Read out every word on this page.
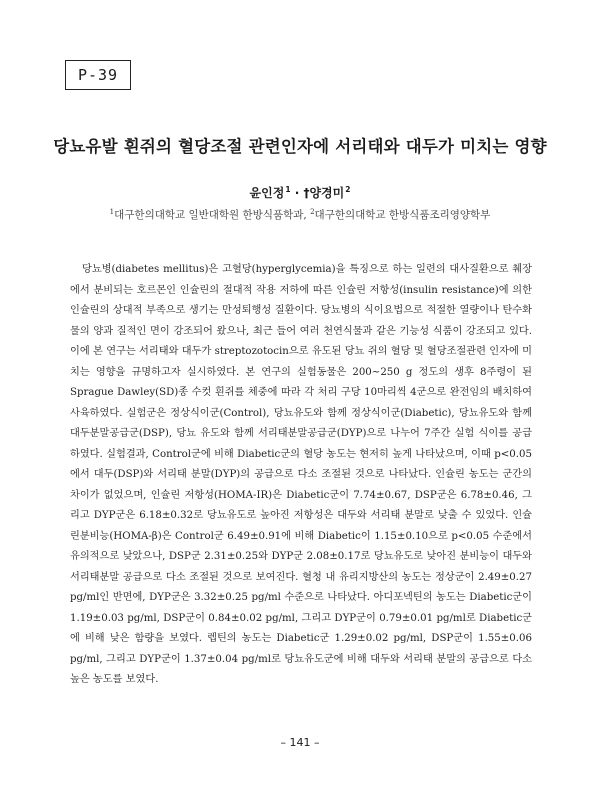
P-39
당뇨유발 흰쥐의 혈당조절 관련인자에 서리태와 대두가 미치는 영향
윤인정$^1$ · †양경미$^2$
$^1$대구한의대학교 일반대학원 한방식품학과, $^2$대구한의대학교 한방식품조리영양학부

당뇨병(diabetes mellitus)은 고혈당(hyperglycemia)을 특징으로 하는 일련의 대사질환으로 췌장에서 분비되는 호르몬인 인슐린의 절대적 작용 저하에 따른 인슐린 저항성(insulin resistance)에 의한 인슐린의 상대적 부족으로 생기는 만성퇴행성 질환이다. 당뇨병의 식이요법으로 적절한 열량이나 탄수화물의 양과 질적인 면이 강조되어 왔으나, 최근 들어 여러 천연식물과 같은 기능성 식품이 강조되고 있다. 이에 본 연구는 서리태와 대두가 streptozotocin으로 유도된 당뇨 쥐의 혈당 및 혈당조절관련 인자에 미치는 영향을 규명하고자 실시하였다. 본 연구의 실험동물은 200~250 g 정도의 생후 8주령이 된 Sprague Dawley(SD)종 수컷 흰쥐를 체중에 따라 각 처리 구당 10마리씩 4군으로 완전임의 배치하여 사육하였다. 실험군은 정상식이군(Control), 당뇨유도와 함께 정상식이군(Diabetic), 당뇨유도와 함께 대두분말공급군(DSP), 당뇨 유도와 함께 서리태분말공급군(DYP)으로 나누어 7주간 실험 식이를 공급하였다. 실험결과, Control군에 비해 Diabetic군의 혈당 농도는 현저히 높게 나타났으며, 이때 p<0.05에서 대두(DSP)와 서리태 분말(DYP)의 공급으로 다소 조절된 것으로 나타났다. 인슐린 농도는 군간의 차이가 없었으며, 인슐린 저항성(HOMA-IR)은 Diabetic군이 7.74±0.67, DSP군은 6.78±0.46, 그리고 DYP군은 6.18±0.32로 당뇨유도로 높아진 저항성은 대두와 서리태 분말로 낮출 수 있었다. 인슐린분비능(HOMA-β)은 Control군 6.49±0.91에 비해 Diabetic이 1.15±0.10으로 p<0.05 수준에서 유의적으로 낮았으나, DSP군 2.31±0.25와 DYP군 2.08±0.17로 당뇨유도로 낮아진 분비능이 대두와 서리태분말 공급으로 다소 조절된 것으로 보여진다. 혈청 내 유리지방산의 농도는 정상군이 2.49±0.27 pg/ml인 반면에, DYP군은 3.32±0.25 pg/ml 수준으로 나타났다. 아디포넥틴의 농도는 Diabetic군이 1.19±0.03 pg/ml, DSP군이 0.84±0.02 pg/ml, 그리고 DYP군이 0.79±0.01 pg/ml로 Diabetic군에 비해 낮은 함량을 보였다. 렙틴의 농도는 Diabetic군 1.29±0.02 pg/ml, DSP군이 1.55±0.06 pg/ml, 그리고 DYP군이 1.37±0.04 pg/ml로 당뇨유도군에 비해 대두와 서리태 분말의 공급으로 다소 높은 농도를 보였다.

– 141 –
